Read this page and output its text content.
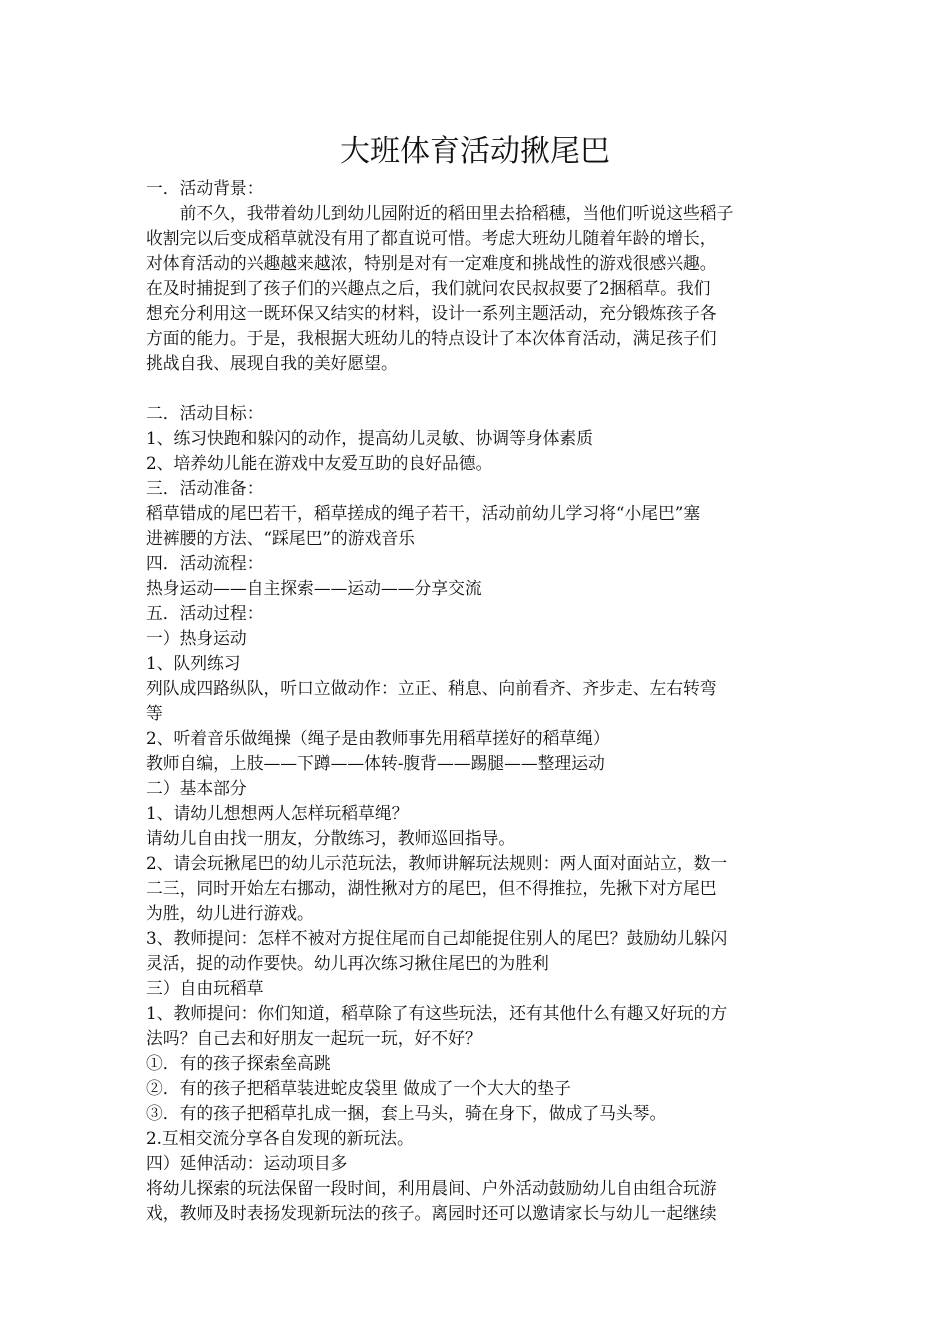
大班体育活动揪尾巴
一．活动背景：
　　前不久，我带着幼儿到幼儿园附近的稻田里去拾稻穗，当他们听说这些稻子
收割完以后变成稻草就没有用了都直说可惜。考虑大班幼儿随着年龄的增长，
对体育活动的兴趣越来越浓，特别是对有一定难度和挑战性的游戏很感兴趣。
在及时捕捉到了孩子们的兴趣点之后，我们就问农民叔叔要了2捆稻草。我们
想充分利用这一既环保又结实的材料，设计一系列主题活动，充分锻炼孩子各
方面的能力。于是，我根据大班幼儿的特点设计了本次体育活动，满足孩子们
挑战自我、展现自我的美好愿望。
二．活动目标：
1、练习快跑和躲闪的动作，提高幼儿灵敏、协调等身体素质
2、培养幼儿能在游戏中友爱互助的良好品德。
三．活动准备：
稻草错成的尾巴若干，稻草搓成的绳子若干，活动前幼儿学习将“小尾巴”塞
进裤腰的方法、“踩尾巴”的游戏音乐
四．活动流程：
热身运动——自主探索——运动——分享交流
五．活动过程：
一）热身运动
1、队列练习
列队成四路纵队，听口立做动作：立正、稍息、向前看齐、齐步走、左右转弯
等
2、听着音乐做绳操（绳子是由教师事先用稻草搓好的稻草绳）
教师自编，上肢——下蹲——体转-腹背——踢腿——整理运动
二）基本部分
1、请幼儿想想两人怎样玩稻草绳？
请幼儿自由找一朋友，分散练习，教师巡回指导。
2、请会玩揪尾巴的幼儿示范玩法，教师讲解玩法规则：两人面对面站立，数一
二三，同时开始左右挪动，湖性揪对方的尾巴，但不得推拉，先揪下对方尾巴
为胜，幼儿进行游戏。
3、教师提问：怎样不被对方捉住尾而自己却能捉住别人的尾巴？鼓励幼儿躲闪
灵活，捉的动作要快。幼儿再次练习揪住尾巴的为胜利
三）自由玩稻草
1、教师提问：你们知道，稻草除了有这些玩法，还有其他什么有趣又好玩的方
法吗？自己去和好朋友一起玩一玩，好不好？
①．有的孩子探索垒高跳
②．有的孩子把稻草装进蛇皮袋里 做成了一个大大的垫子
③．有的孩子把稻草扎成一捆，套上马头，骑在身下，做成了马头琴。
2.互相交流分享各自发现的新玩法。
四）延伸活动：运动项目多
将幼儿探索的玩法保留一段时间，利用晨间、户外活动鼓励幼儿自由组合玩游
戏，教师及时表扬发现新玩法的孩子。离园时还可以邀请家长与幼儿一起继续
